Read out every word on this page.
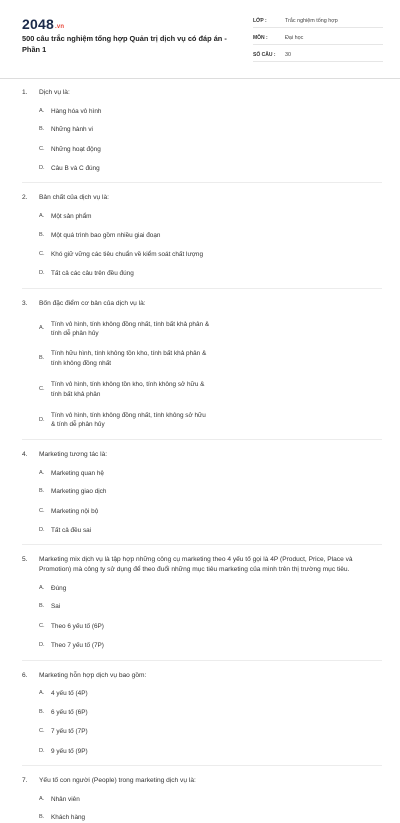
2048.vn
500 câu trắc nghiệm tổng hợp Quản trị dịch vụ có đáp án - Phần 1
LỚP :	Trắc nghiệm tổng hợp
MÔN :	Đại học
SỐ CÂU :	30
1.	Dịch vụ là:
A.	Hàng hóa vô hình
B.	Những hành vi
C.	Những hoạt động
D.	Câu B và C đúng
2.	Bản chất của dịch vụ là:
A.	Một sản phẩm
B.	Một quá trình bao gồm nhiều giai đoạn
C.	Khó giữ vững các tiêu chuẩn về kiểm soát chất lượng
D.	Tất cả các câu trên đều đúng
3.	Bốn đặc điểm cơ bản của dịch vụ là:
A.
Tính vô hình, tính không đồng nhất, tính bất khả phân & tính dễ phân hủy
B.
Tính hữu hình, tính không tồn kho, tính bất khả phân & tính không đồng nhất
C.
Tính vô hình, tính không tồn kho, tính không sở hữu & tính bất khả phân
D.
Tính vô hình, tính không đồng nhất, tính không sở hữu & tính dễ phân hủy
4.	Marketing tương tác là:
A.	Marketing quan hệ
B.	Marketing giao dịch
C.	Marketing nội bộ
D.	Tất cả đều sai
5.	Marketing mix dịch vụ là tập hợp những công cụ marketing theo 4 yếu tố gọi là 4P (Product, Price, Place và Promotion) mà công ty sử dụng để theo đuổi những mục tiêu marketing của mình trên thị trường mục tiêu.
A.	Đúng
B.	Sai
C.	Theo 6 yếu tố (6P)
D.	Theo 7 yếu tố (7P)
6.	Marketing hỗn hợp dịch vụ bao gồm:
A.	4 yếu tố (4P)
B.	6 yếu tố (6P)
C.	7 yếu tố (7P)
D.	9 yếu tố (9P)
7.	Yếu tố con người (People) trong marketing dịch vụ là:
A.	Nhân viên
B.	Khách hàng
